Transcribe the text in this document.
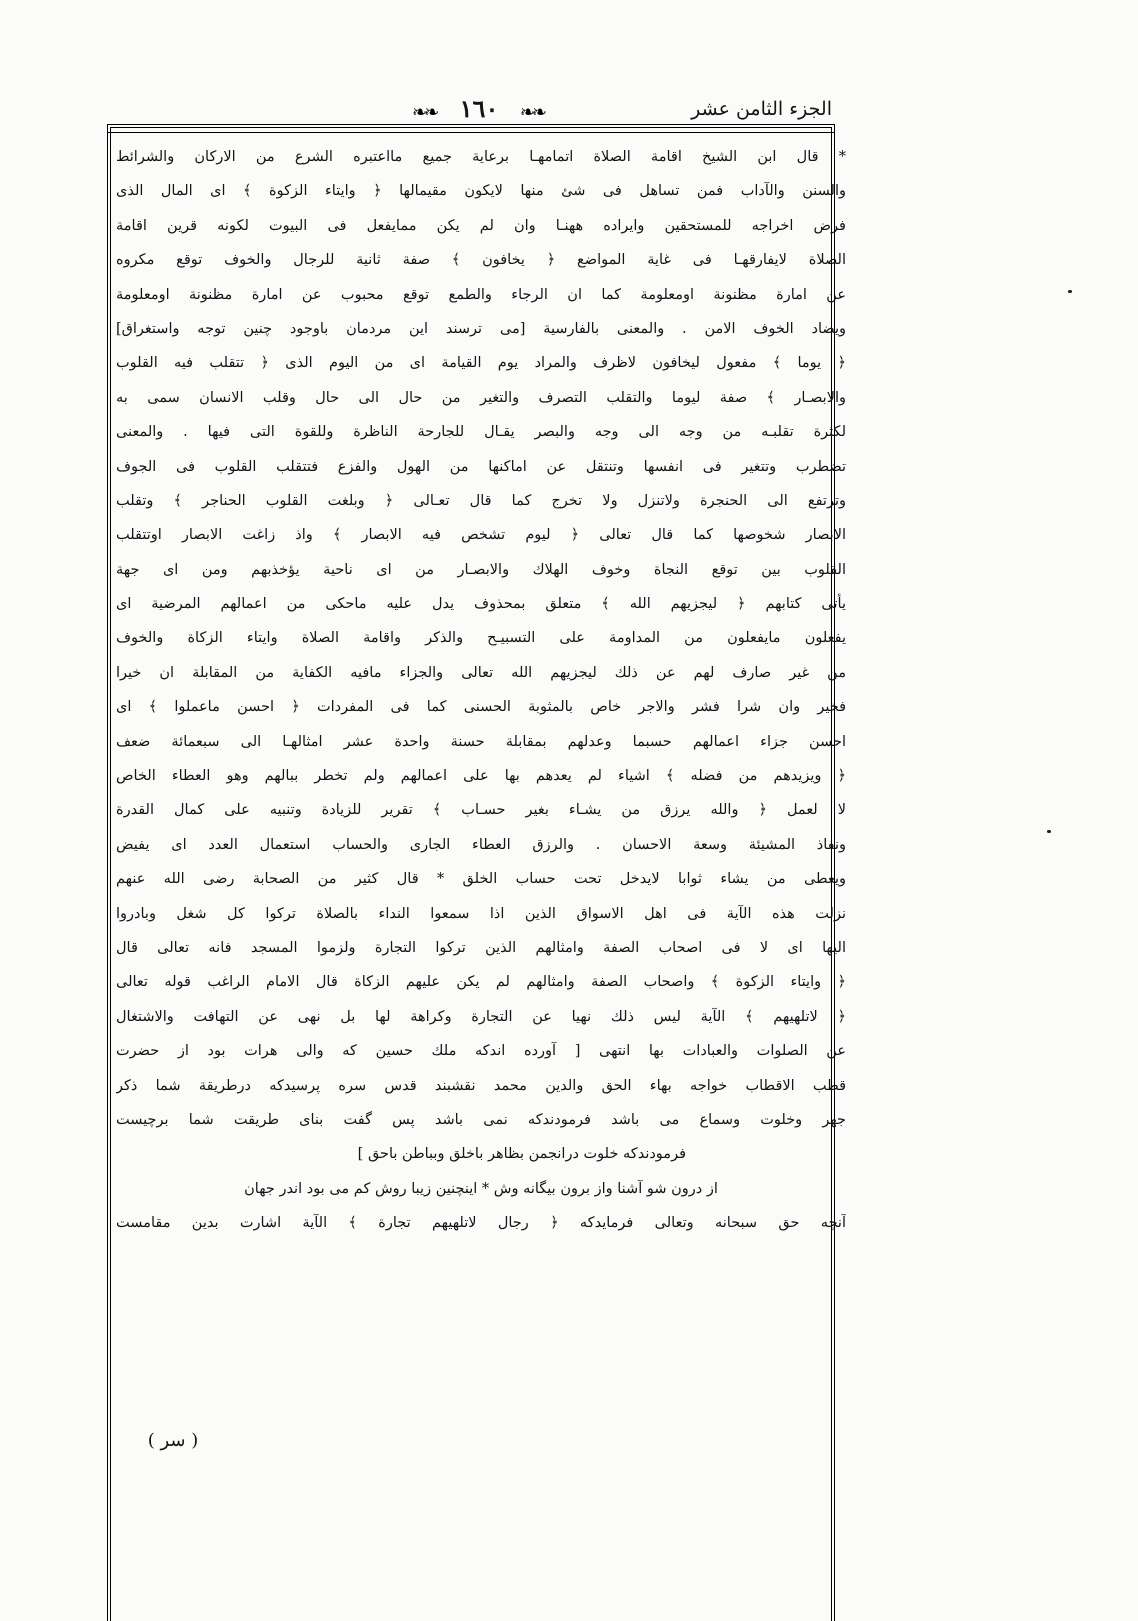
الجزء الثامن عشر
❧❧ ١٦٠	❧❧
* قال ابن الشيخ اقامة الصلاة اتمامهـا برعاية جميع مااعتبره الشرع من الاركان والشرائط
والسنن والآداب فمن تساهل فى شئ منها لايكون مقيمالها ﴿ وايتاء الزكوة ﴾ اى المال الذى
فرض اخراجه للمستحقين وايراده ههنـا وان لم يكن ممايفعل فى البيوت لكونه قرين اقامة
الصلاة لايفارقهـا فى غاية المواضع ﴿ يخافون ﴾ صفة ثانية للرجال والخوف توقع مكروه
عن امارة مظنونة اومعلومة كما ان الرجاء والطمع توقع محبوب عن امارة مظنونة اومعلومة
ويضاد الخوف الامن . والمعنى بالفارسية [مى ترسند اين مردمان باوجود چنين توجه واستغراق]
﴿ يوما ﴾ مفعول ليخافون لاظرف والمراد يوم القيامة اى من اليوم الذى ﴿ تتقلب فيه القلوب
والابصـار ﴾ صفة ليوما والتقلب التصرف والتغير من حال الى حال وقلب الانسان سمى به
لكثرة تقلبـه من وجه الى وجه والبصر يقـال للجارحة الناظرة وللقوة التى فيها . والمعنى
تضطرب وتتغير فى انفسها وتنتقل عن اماكنها من الهول والفزع فتتقلب القلوب فى الجوف
وترتفع الى الحنجرة ولاتنزل ولا تخرج كما قال تعـالى ﴿ وبلغت القلوب الحناجر ﴾ وتقلب
الابصار شخوصها كما قال تعالى ﴿ ليوم تشخص فيه الابصار ﴾ واذ زاغت الابصار اوتتقلب
القلوب بين توقع النجاة وخوف الهلاك والابصـار من اى ناحية يؤخذبهم ومن اى جهة
يأتى كتابهم ﴿ ليجزيهم الله ﴾ متعلق بمحذوف يدل عليه ماحكى من اعمالهم المرضية اى
يفعلون مايفعلون من المداومة على التسبيـح والذكر واقامة الصلاة وايتاء الزكاة والخوف
من غير صارف لهم عن ذلك ليجزيهم الله تعالى والجزاء مافيه الكفاية من المقابلة ان خيرا
فخير وان شرا فشر والاجر خاص بالمثوبة الحسنى كما فى المفردات ﴿ احسن ماعملوا ﴾ اى
احسن جزاء اعمالهم حسبما وعدلهم بمقابلة حسنة واحدة عشر امثالهـا الى سبعمائة ضعف
﴿ ويزيدهم من فضله ﴾ اشياء لم يعدهم بها على اعمالهم ولم تخطر ببالهم وهو العطاء الخاص
لا لعمل ﴿ والله يرزق من يشـاء بغير حسـاب ﴾ تقرير للزيادة وتنبيه على كمال القدرة
ونفاذ المشيئة وسعة الاحسان . والرزق العطاء الجارى والحساب استعمال العدد اى يفيض
ويعطى من يشاء ثوابا لايدخل تحت حساب الخلق * قال كثير من الصحابة رضى الله عنهم
نزلت هذه الآية فى اهل الاسواق الذين اذا سمعوا النداء بالصلاة تركوا كل شغل وبادروا
اليها اى لا فى اصحاب الصفة وامثالهم الذين تركوا التجارة ولزموا المسجد فانه تعالى قال
﴿ وايتاء الزكوة ﴾ واصحاب الصفة وامثالهم لم يكن عليهم الزكاة قال الامام الراغب قوله تعالى
﴿ لاتلهيهم ﴾ الآية ليس ذلك نهيا عن التجارة وكراهة لها بل نهى عن التهافت والاشتغال
عن الصلوات والعبادات بها انتهى [ آورده اندكه ملك حسين كه والى هرات بود از حضرت
قطب الاقطاب خواجه بهاء الحق والدين محمد نقشبند قدس سره پرسيدكه درطريقة شما ذكر
جهر وخلوت وسماع مى باشد فرمودندكه نمى باشد پس گفت بناى طريقت شما برچيست
فرمودندكه خلوت درانجمن بظاهر باخلق وبباطن باحق ]
از درون شو آشنا واز برون بيگانه وش * اينچنين زيبا روش كم مى بود اندر جهان
آنچه حق سبحانه وتعالى فرمايدكه ﴿ رجال لاتلهيهم تجارة ﴾ الآية اشارت بدين مقامست
( سر )
